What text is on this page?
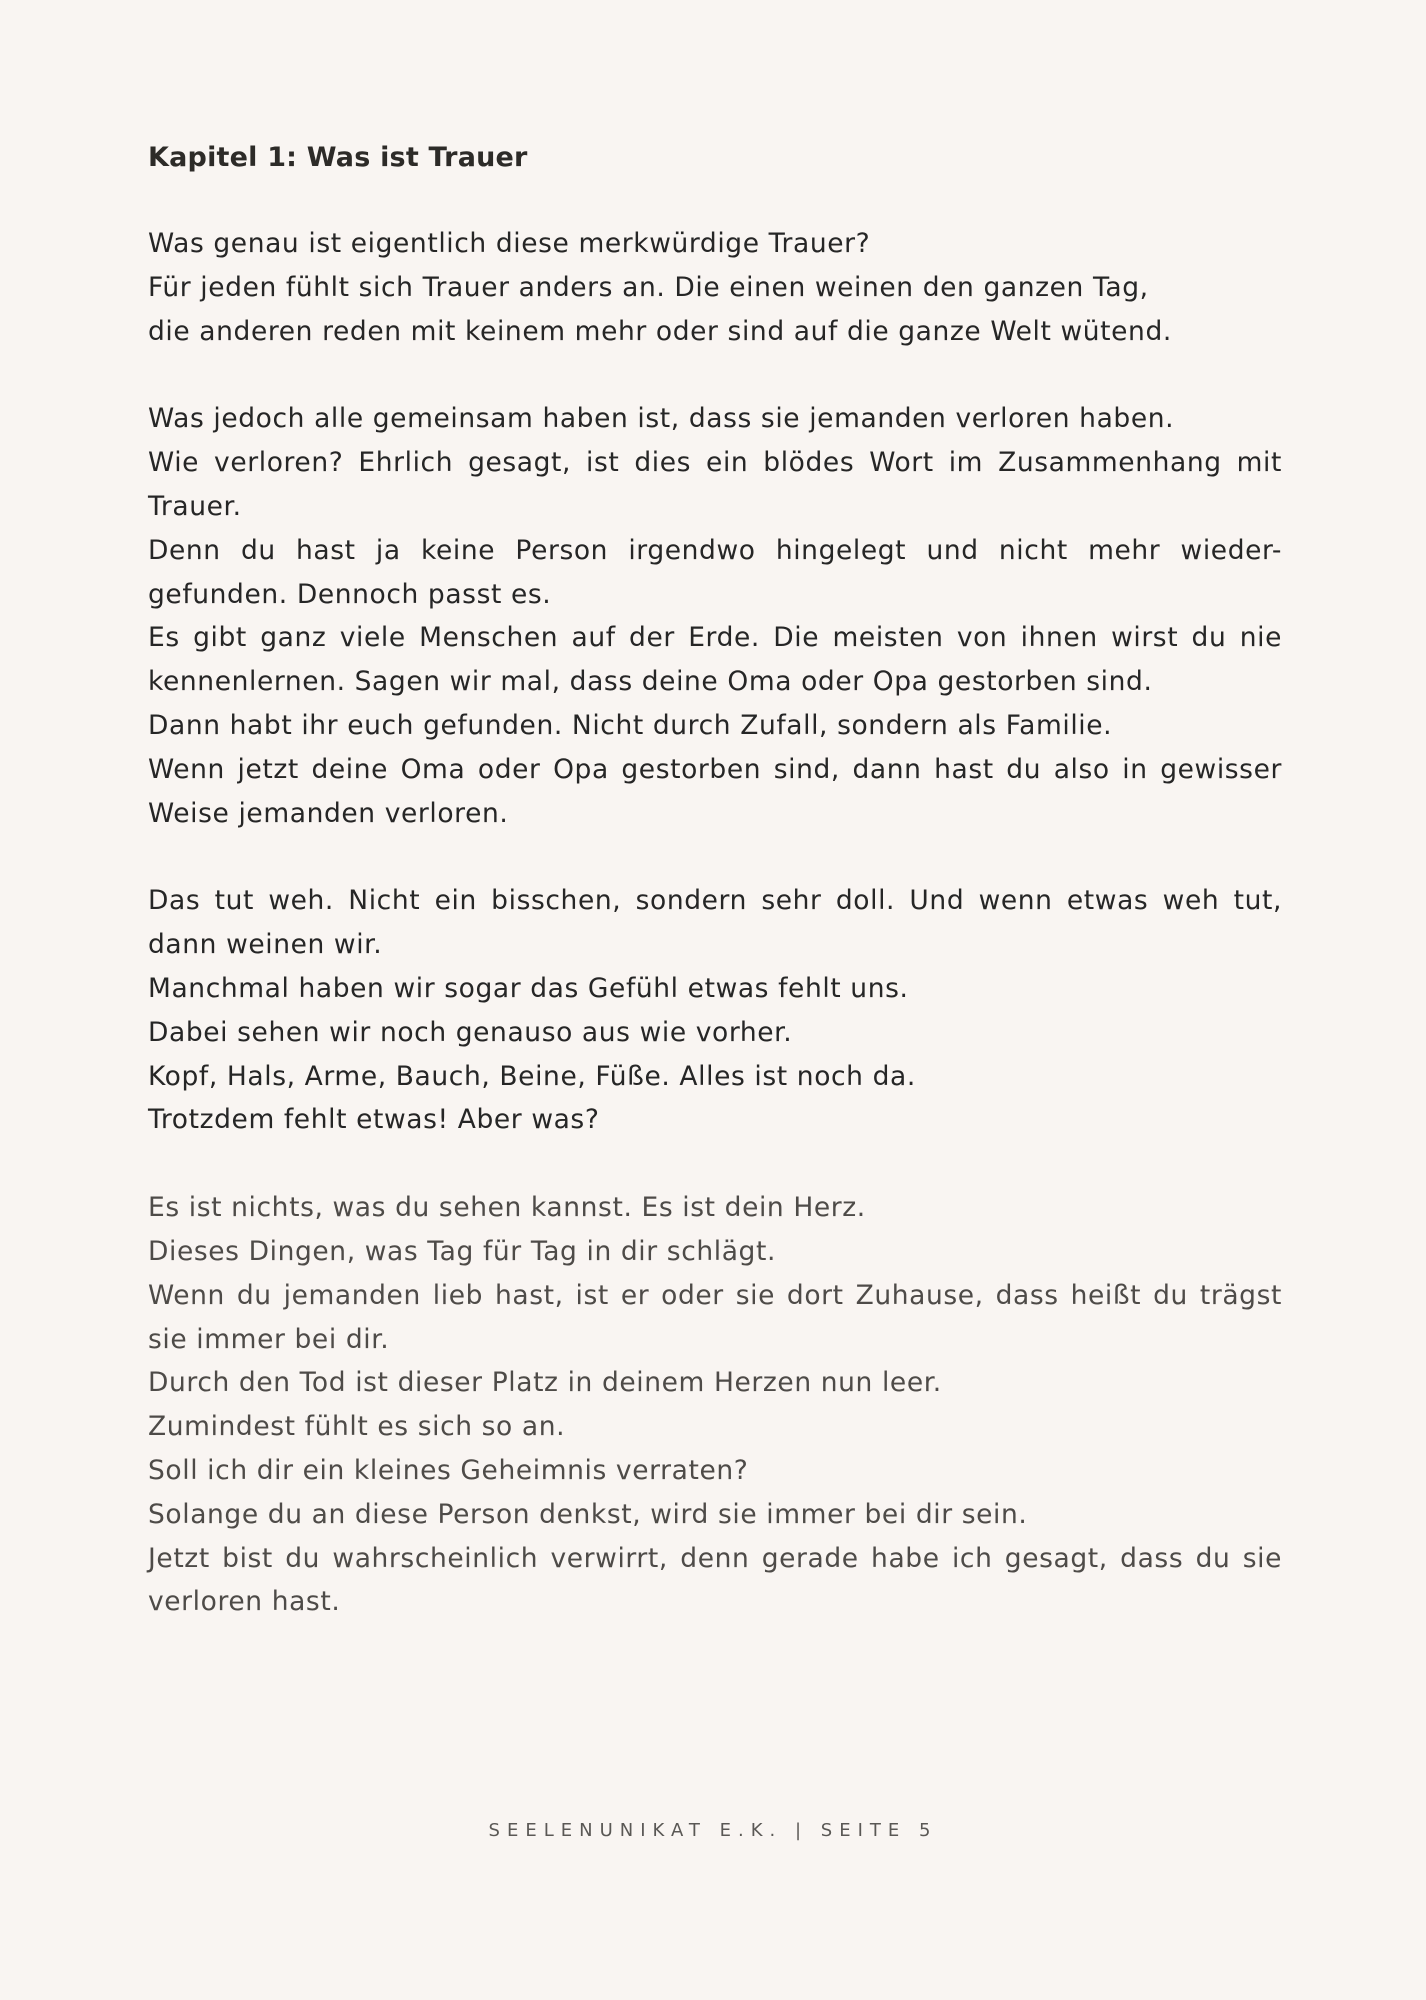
Kapitel 1: Was ist Trauer
Was genau ist eigentlich diese merkwürdige Trauer?
Für jeden fühlt sich Trauer anders an. Die einen weinen den ganzen Tag,
die anderen reden mit keinem mehr oder sind auf die ganze Welt wütend.
Was jedoch alle gemeinsam haben ist, dass sie jemanden verloren haben.
Wie verloren? Ehrlich gesagt, ist dies ein blödes Wort im Zusammenhang mit
Trauer.
Denn du hast ja keine Person irgendwo hingelegt und nicht mehr wieder-
gefunden. Dennoch passt es.
Es gibt ganz viele Menschen auf der Erde. Die meisten von ihnen wirst du nie
kennenlernen. Sagen wir mal, dass deine Oma oder Opa gestorben sind.
Dann habt ihr euch gefunden. Nicht durch Zufall, sondern als Familie.
Wenn jetzt deine Oma oder Opa gestorben sind, dann hast du also in gewisser
Weise jemanden verloren.
Das tut weh. Nicht ein bisschen, sondern sehr doll. Und wenn etwas weh tut,
dann weinen wir.
Manchmal haben wir sogar das Gefühl etwas fehlt uns.
Dabei sehen wir noch genauso aus wie vorher.
Kopf, Hals, Arme, Bauch, Beine, Füße. Alles ist noch da.
Trotzdem fehlt etwas! Aber was?
Es ist nichts, was du sehen kannst. Es ist dein Herz.
Dieses Dingen, was Tag für Tag in dir schlägt.
Wenn du jemanden lieb hast, ist er oder sie dort Zuhause, dass heißt du trägst
sie immer bei dir.
Durch den Tod ist dieser Platz in deinem Herzen nun leer.
Zumindest fühlt es sich so an.
Soll ich dir ein kleines Geheimnis verraten?
Solange du an diese Person denkst, wird sie immer bei dir sein.
Jetzt bist du wahrscheinlich verwirrt, denn gerade habe ich gesagt, dass du sie
verloren hast.
SEELENUNIKAT E.K. | SEITE 5
